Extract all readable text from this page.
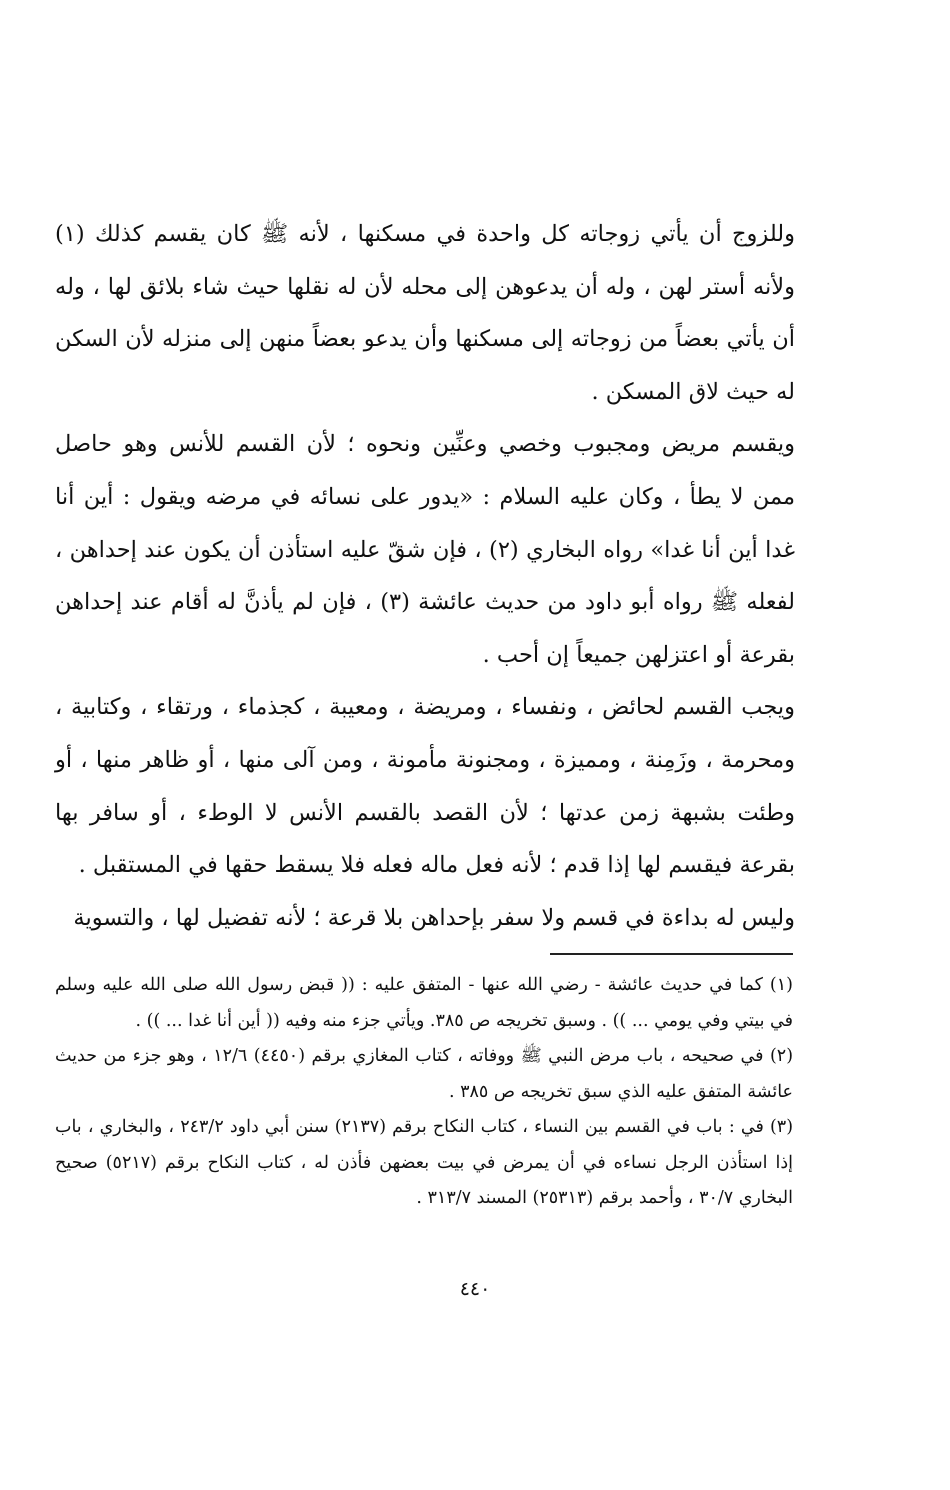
وللزوج أن يأتي زوجاته كل واحدة في مسكنها ، لأنه ﷺ كان يقسم كذلك (١) ولأنه أستر لهن ، وله أن يدعوهن إلى محله لأن له نقلها حيث شاء بلائق لها ، وله أن يأتي بعضاً من زوجاته إلى مسكنها وأن يدعو بعضاً منهن إلى منزله لأن السكن له حيث لاق المسكن .

ويقسم مريض ومجبوب وخصي وعنِّين ونحوه ؛ لأن القسم للأنس وهو حاصل ممن لا يطأ ، وكان عليه السلام : «يدور على نسائه في مرضه ويقول : أين أنا غدا أين أنا غدا» رواه البخاري (٢) ، فإن شقّ عليه استأذن أن يكون عند إحداهن ، لفعله ﷺ رواه أبو داود من حديث عائشة (٣) ، فإن لم يأذنَّ له أقام عند إحداهن بقرعة أو اعتزلهن جميعاً إن أحب .

ويجب القسم لحائض ، ونفساء ، ومريضة ، ومعيبة ، كجذماء ، ورتقاء ، وكتابية ، ومحرمة ، وزَمِنة ، ومميزة ، ومجنونة مأمونة ، ومن آلى منها ، أو ظاهر منها ، أو وطئت بشبهة زمن عدتها ؛ لأن القصد بالقسم الأنس لا الوطء ، أو سافر بها بقرعة فيقسم لها إذا قدم ؛ لأنه فعل ماله فعله فلا يسقط حقها في المستقبل .

وليس له بداءة في قسم ولا سفر بإحداهن بلا قرعة ؛ لأنه تفضيل لها ، والتسوية

(١) كما في حديث عائشة - رضي الله عنها - المتفق عليه : (( قبض رسول الله صلى الله عليه وسلم في بيتي وفي يومي ... )) . وسبق تخريجه ص ٣٨٥. ويأتي جزء منه وفيه (( أين أنا غدا ... )) .

(٢) في صحيحه ، باب مرض النبي ﷺ ووفاته ، كتاب المغازي برقم (٤٤٥٠) ١٢/٦ ، وهو جزء من حديث عائشة المتفق عليه الذي سبق تخريجه ص ٣٨٥ .

(٣) في : باب في القسم بين النساء ، كتاب النكاح برقم (٢١٣٧) سنن أبي داود ٢٤٣/٢ ، والبخاري ، باب إذا استأذن الرجل نساءه في أن يمرض في بيت بعضهن فأذن له ، كتاب النكاح برقم (٥٢١٧) صحيح البخاري ٣٠/٧ ، وأحمد برقم (٢٥٣١٣) المسند ٣١٣/٧ .

٤٤٠
